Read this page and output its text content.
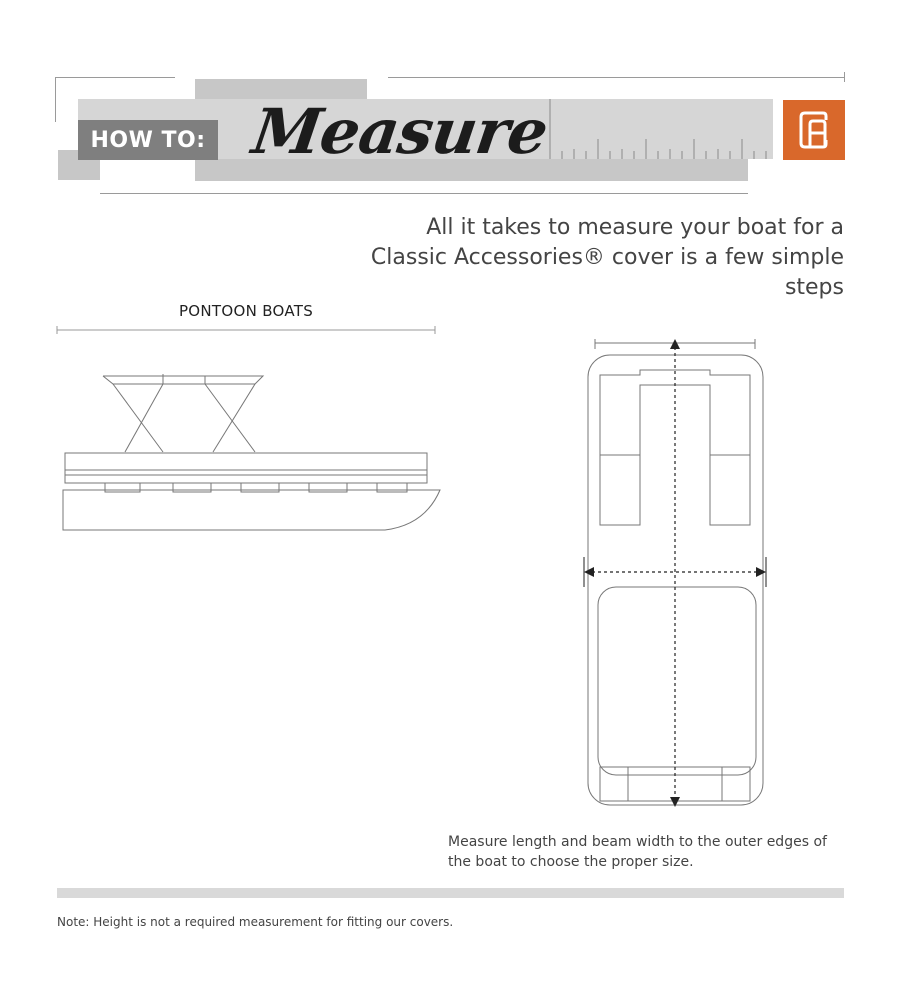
HOW TO: Measure
All it takes to measure your boat for a
Classic Accessories® cover is a few simple steps
PONTOON BOATS
Measure length and beam width to the outer edges of the boat to choose the proper size.
Note: Height is not a required measurement for fitting our covers.
